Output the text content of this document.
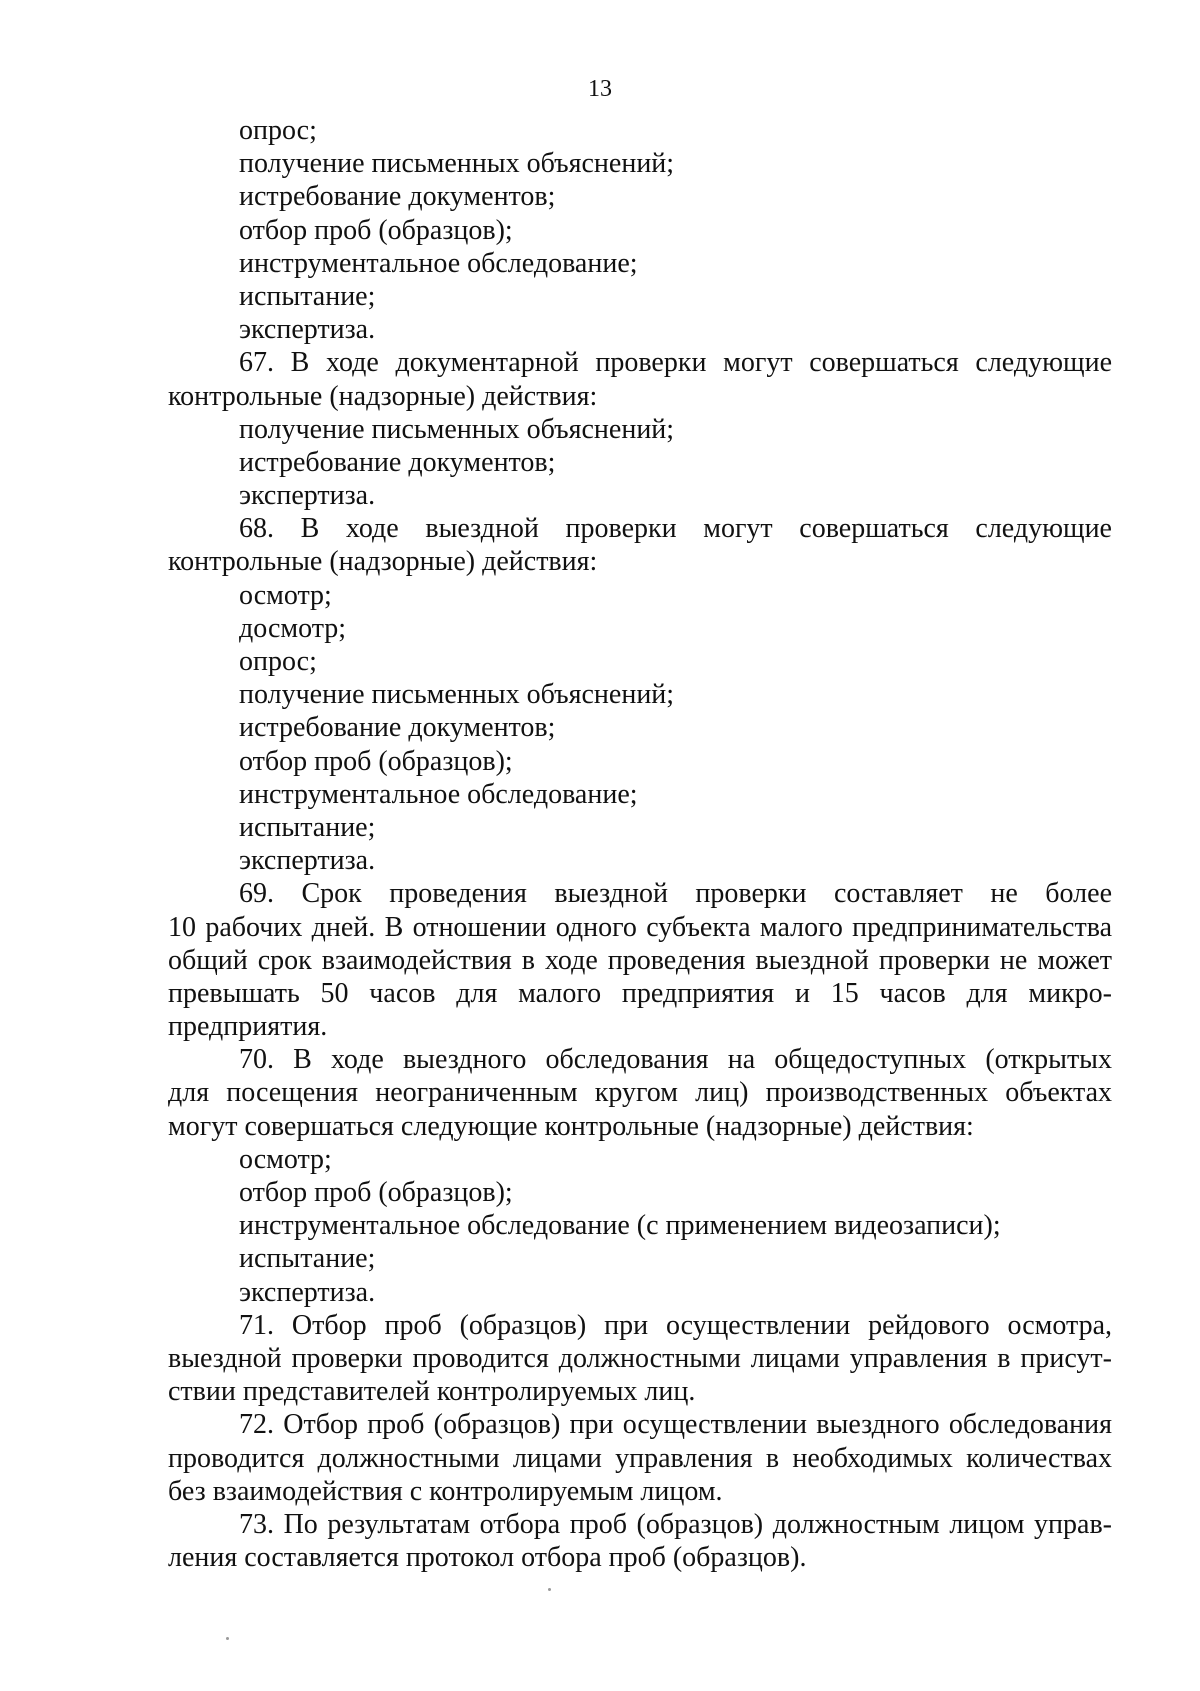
13
опрос;
получение письменных объяснений;
истребование документов;
отбор проб (образцов);
инструментальное обследование;
испытание;
экспертиза.
67. В ходе документарной проверки могут совершаться следующие
контрольные (надзорные) действия:
получение письменных объяснений;
истребование документов;
экспертиза.
68. В ходе выездной проверки могут совершаться следующие
контрольные (надзорные) действия:
осмотр;
досмотр;
опрос;
получение письменных объяснений;
истребование документов;
отбор проб (образцов);
инструментальное обследование;
испытание;
экспертиза.
69. Срок проведения выездной проверки составляет не более
10 рабочих дней. В отношении одного субъекта малого предпринимательства
общий срок взаимодействия в ходе проведения выездной проверки не может
превышать 50 часов для малого предприятия и 15 часов для микро-
предприятия.
70. В ходе выездного обследования на общедоступных (открытых
для посещения неограниченным кругом лиц) производственных объектах
могут совершаться следующие контрольные (надзорные) действия:
осмотр;
отбор проб (образцов);
инструментальное обследование (с применением видеозаписи);
испытание;
экспертиза.
71. Отбор проб (образцов) при осуществлении рейдового осмотра,
выездной проверки проводится должностными лицами управления в присут-
ствии представителей контролируемых лиц.
72. Отбор проб (образцов) при осуществлении выездного обследования
проводится должностными лицами управления в необходимых количествах
без взаимодействия с контролируемым лицом.
73. По результатам отбора проб (образцов) должностным лицом управ-
ления составляется протокол отбора проб (образцов).
